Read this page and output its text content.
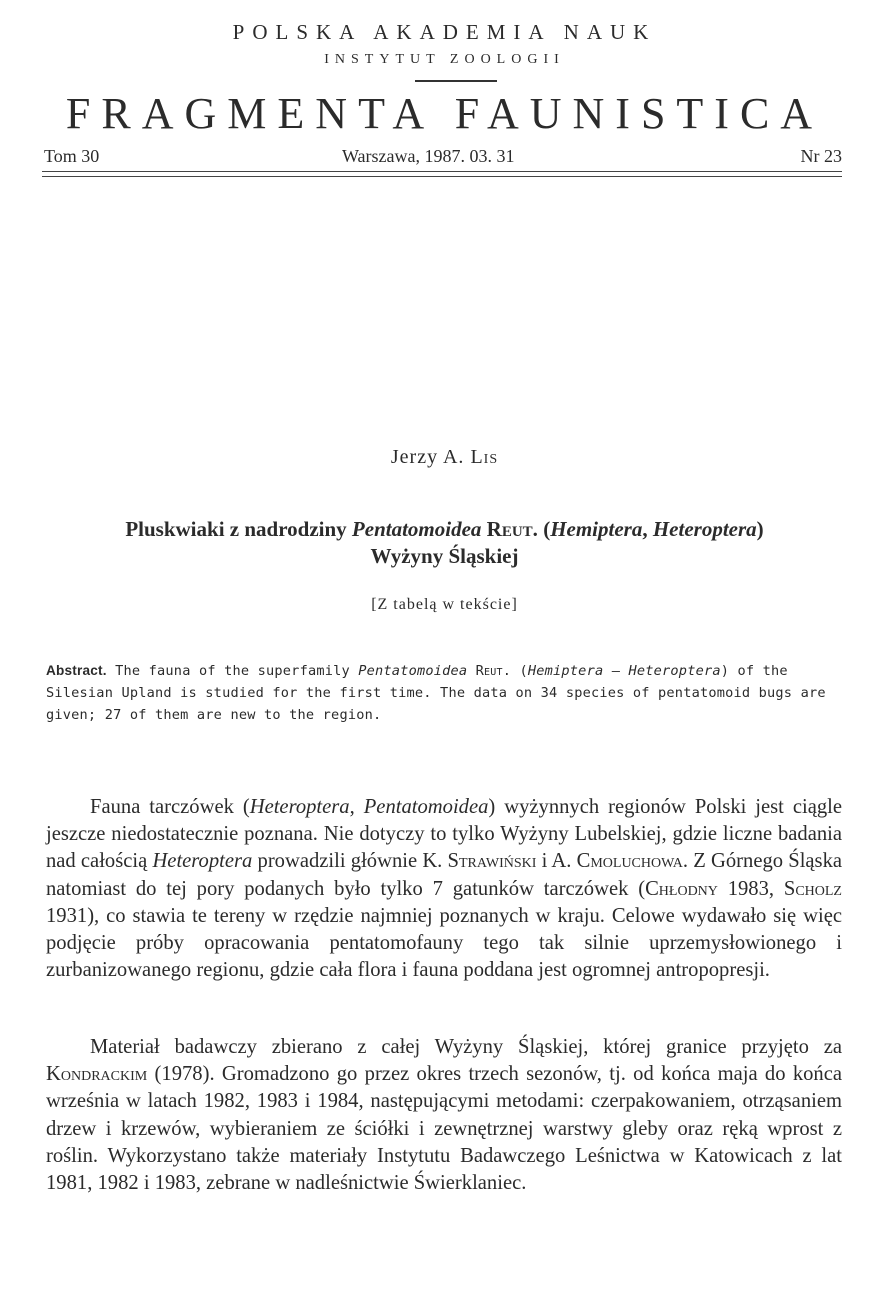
POLSKA AKADEMIA NAUK
INSTYTUT ZOOLOGII
FRAGMENTA FAUNISTICA
Tom 30	Warszawa, 1987. 03. 31	Nr 23
Jerzy A. Lis
Pluskwiaki z nadrodziny Pentatomoidea Reut. (Hemiptera, Heteroptera)
Wyżyny Śląskiej
[Z tabelą w tekście]
Abstract. The fauna of the superfamily Pentatomoidea Reut. (Hemiptera – Heteroptera) of the Silesian Upland is studied for the first time. The data on 34 species of pentatomoid bugs are given; 27 of them are new to the region.
Fauna tarczówek (Heteroptera, Pentatomoidea) wyżynnych regionów Polski jest ciągle jeszcze niedostatecznie poznana. Nie dotyczy to tylko Wyżyny Lubelskiej, gdzie liczne badania nad całością Heteroptera prowadzili głównie K. Strawiński i A. Cmoluchowa. Z Górnego Śląska natomiast do tej pory podanych było tylko 7 gatunków tarczówek (Chłodny 1983, Scholz 1931), co stawia te tereny w rzędzie najmniej poznanych w kraju. Celowe wydawało się więc podjęcie próby opracowania pentatomofauny tego tak silnie uprzemysłowionego i zurbanizowanego regionu, gdzie cała flora i fauna poddana jest ogromnej antropopresji.
Materiał badawczy zbierano z całej Wyżyny Śląskiej, której granice przyjęto za Kondrackim (1978). Gromadzono go przez okres trzech sezonów, tj. od końca maja do końca września w latach 1982, 1983 i 1984, następującymi metodami: czerpakowaniem, otrząsaniem drzew i krzewów, wybieraniem ze ściółki i zewnętrznej warstwy gleby oraz ręką wprost z roślin. Wykorzystano także materiały Instytutu Badawczego Leśnictwa w Katowicach z lat 1981, 1982 i 1983, zebrane w nadleśnictwie Świerklaniec.
